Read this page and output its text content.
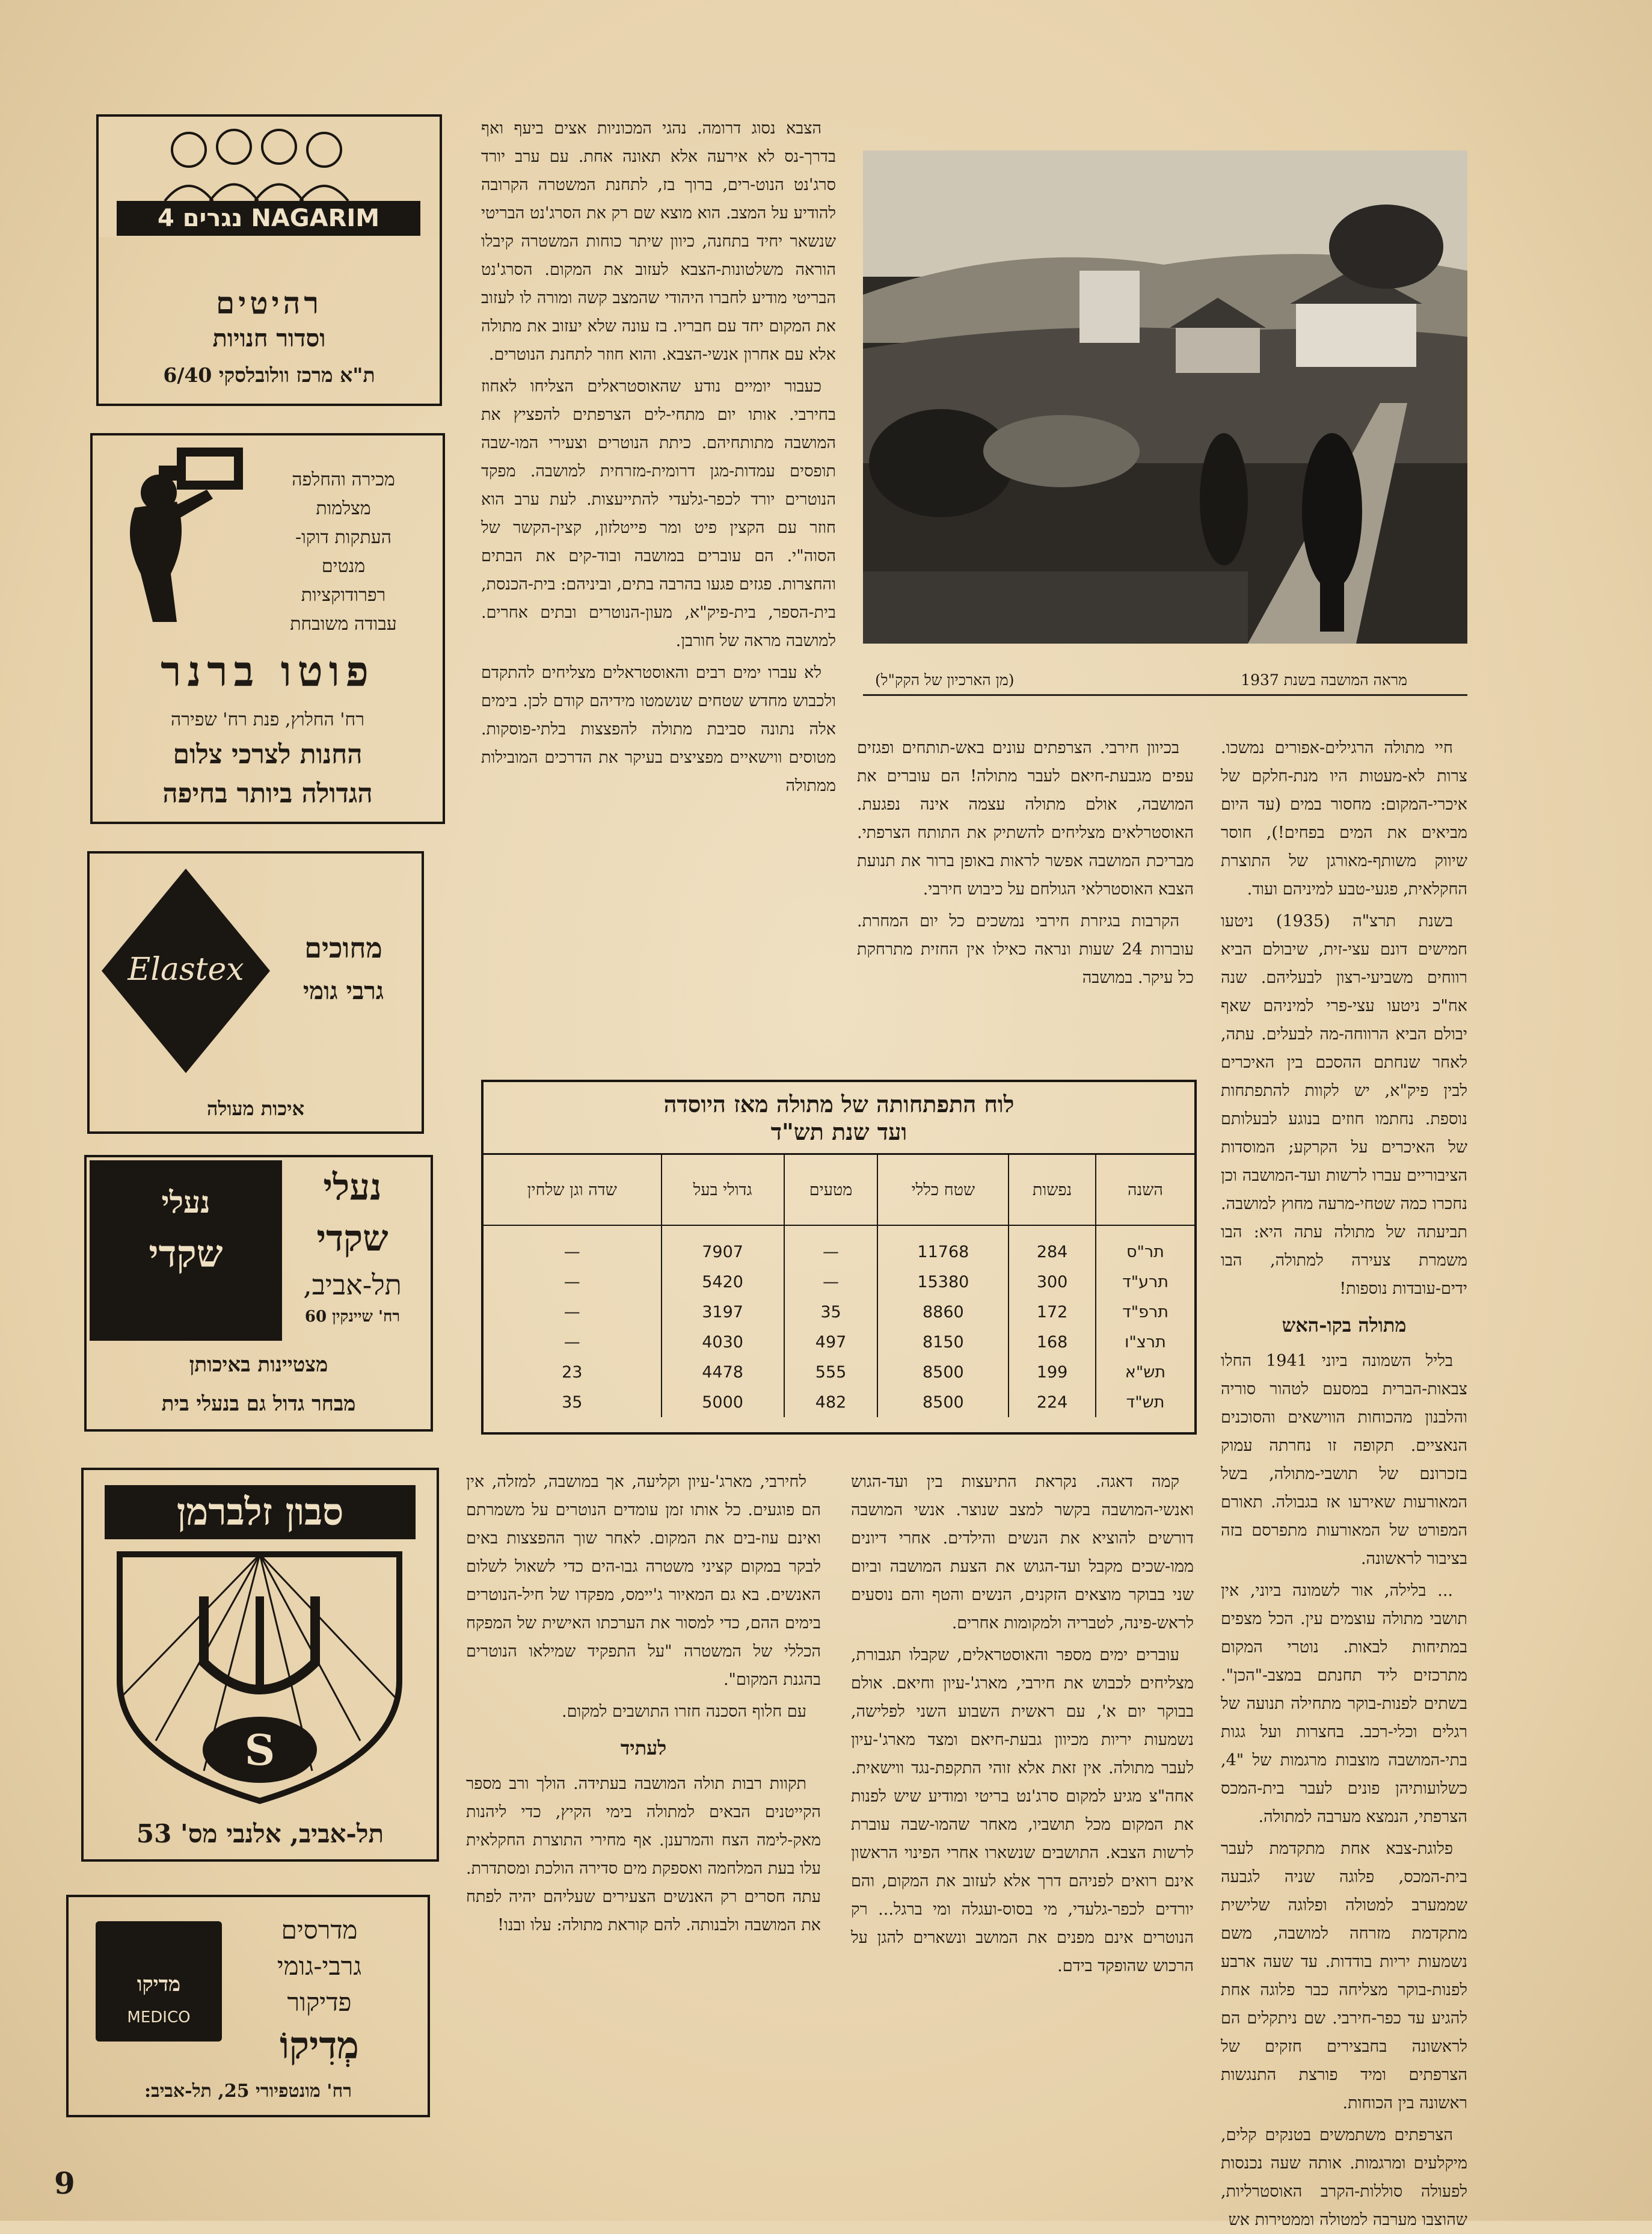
4 נגרים NAGARIM
רהיטים
וסדור חנויות
ת"א מרכז וולובלסקי 6/40
מכירה והחלפה
מצלמות
העתקות דוקו-
מנטים
רפרודוקציות
עבודה משובחת
פוטו ברנר
רח' החלוץ, פנת רח' שפירה
החנות לצרכי צלום
הגדולה ביותר בחיפה
Elastex
מחוכים
גרבי גומי
איכות מעולה
נעלי
שקדי
נעלי
שקדי
תל-אביב,
רח' שיינקין 60
מצטיינות באיכותן
מבחר גדול גם בנעלי בית
סבון זלברמן
S
תל-אביב, אלנבי מס' 53
מדיקו
MEDICO
מדרסים
גרבי-גומי
פדיקור
מְדִיקוֹ
רח' מונטפיורי 25, תל-אביב:
9
מראה המושבה בשנת 1937
(מן הארכיון של הקק"ל)

חיי מתולה הרגילים-אפורים נמשכו. צרות לא-מעטות היו מנת-חלקם של איכרי-המקום: מחסור במים (עד היום מביאים את המים בפחים!), חוסר שיווק משותף-מאורגן של התוצרת החקלאית, פגעי-טבע למיניהם ועוד.

בשנת תרצ"ה (1935) ניטעו חמישים דונם עצי-זית, שיבולם הביא רווחים משביעי-רצון לבעליהם. שנה אח"כ ניטעו עצי-פרי למיניהם שאף יבולם הביא הרווחה-מה לבעלים. עתה, לאחר שנחתם ההסכם בין האיכרים לבין פיק"א, יש לקוות להתפתחות נוספת. נחתמו חוזים בנוגע לבעלותם של האיכרים על הקרקע; המוסדות הציבוריים עברו לרשות ועד-המושבה וכן נחכרו כמה שטחי-מרעה מחוץ למושבה. תביעתה של מתולה עתה היא: הבו משמרת צעירה למתולה, הבו ידים-עובדות נוספות!

מתולה בקו-האש

בליל השמונה ביוני 1941 החלו צבאות-הברית במסעם לטהור סוריה והלבנון מהכוחות הווישאים והסוכנים הנאציים. תקופה זו נחרתה עמוק בזכרונם של תושבי-מתולה, בשל המאורעות שאירעו אז בגבולה. תאורם המפורט של המאורעות מתפרסם בזה בציבור לראשונה.

... בלילה, אור לשמונה ביוני, אין תושבי מתולה עוצמים עין. הכל מצפים במתיחות לבאות. נוטרי המקום מתרכזים ליד תחנתם במצב-"הכן". בשתים לפנות-בוקר מתחילה תנועה של רגלים וכלי-רכב. בחצרות ועל גגות בתי-המושבה מוצבות מרגמות של "4, כשלועותיהן פונים לעבר בית-המכס הצרפתי, הנמצא מערבה למתולה.

פלוגת-צבא אחת מתקדמת לעבר בית-המכס, פלוגה שניה לגבעה שממערב למטולה ופלוגה שלישית מתקדמת מזרחה למושבה, משם נשמעות יריות בודדות. עד שעה ארבע לפנות-בוקר מצליחה כבר פלוגה אחת להגיע עד כפר-חירבי. שם ניתקלים הם לראשונה בחבצירים חזקים של הצרפתים ומיד פורצת התנגשות ראשונה בין הכוחות.

הצרפתים משתמשים בטנקים קלים, מיקלעים ומרגמות. אותה שעה נכנסות לפעולה סוללות-הקרב האוסטרליות, שהוצבו מערבה למטולה וממטירות אש

בכיוון חירבי. הצרפתים עונים באש-תותחים ופגזים עפים מגבעת-חיאם לעבר מתולה! הם עוברים את המושבה, אולם מתולה עצמה אינה נפגעת. האוסטרלאים מצליחים להשתיק את התותח הצרפתי. מבריכת המושבה אפשר לראות באופן ברור את תנועת הצבא האוסטרלאי הגולחם על כיבוש חירבי.

הקרבות בגיזרת חירבי נמשכים כל יום המחרת. עוברות 24 שעות ונראה כאילו אין החזית מתרחקת כל עיקר. במושבה

הצבא נסוג דרומה. נהגי המכוניות אצים ביעף ואף בדרך-נס לא אירעה אלא תאונה אחת. עם ערב יורד סרג'נט הנוט-רים, ברוך בז, לתחנת המשטרה הקרובה להודיע על המצב. הוא מוצא שם רק את הסרג'נט הבריטי שנשאר יחיד בתחנה, כיוון שיתר כוחות המשטרה קיבלו הוראה משלטונות-הצבא לעזוב את המקום. הסרג'נט הבריטי מודיע לחברו היהודי שהמצב קשה ומורה לו לעזוב את המקום יחד עם חבריו. בז עונה שלא יעזוב את מתולה אלא עם אחרון אנשי-הצבא. והוא חוזר לתחנת הנוטרים.

כעבור יומיים נודע שהאוסטראלים הצליחו לאחוז בחירבי. אותו יום מתחי-לים הצרפתים להפציץ את המושבה מתותחיהם. כיתת הנוטרים וצעירי המו-שבה תופסים עמדות-מגן דרומית-מזרחית למושבה. מפקד הנוטרים יורד לכפר-גלעדי להתייעצות. לעת ערב הוא חוזר עם הקצין פיט ומר פייטלזון, קצין-הקשר של הסוה"י. הם עוברים במושבה ובוד-קים את הבתים והחצרות. פגזים פגעו בהרבה בתים, וביניהם: בית-הכנסת, בית-הספר, בית-פיק"א, מעון-הנוטרים ובתים אחרים. למושבה מראה של חורבן.

לא עברו ימים רבים והאוסטראלים מצליחים להתקדם ולכבוש מחדש שטחים שנשמטו מידיהם קודם לכן. בימים אלה נתונה סביבת מתולה להפצצות בלתי-פוסקות. מטוסים ווישאיים מפציצים בעיקר את הדרכים המובילות ממתולה

לוח התפתחותה של מתולה מאז היוסדה
ועד שנת תש"ד
השנה	נפשות	שטח כללי	מטעים	גדולי בעל	שדה וגן שלחין
תר"ס	284	11768	—	7907	—
תרע"ד	300	15380	—	5420	—
תרפ"ד	172	8860	35	3197	—
תרצ"ו	168	8150	497	4030	—
תש"א	199	8500	555	4478	23
תש"ד	224	8500	482	5000	35

קמה דאגה. נקראת התיעצות בין ועד-הגוש ואנשי-המושבה בקשר למצב שנוצר. אנשי המושבה דורשים להוציא את הנשים והילדים. אחרי דיונים ממו-שכים מקבל ועד-הגוש את הצעת המושבה וביום שני בבוקר מוצאים הזקנים, הנשים והטף והם נוסעים לראש-פינה, לטבריה ולמקומות אחרים.

עוברים ימים מספר והאוסטראלים, שקבלו תגבורת, מצליחים לכבוש את חירבי, מארג'-עיון וחיאם. אולם בבוקר יום א', עם ראשית השבוע השני לפלישה, נשמעות יריות מכיוון גבעת-חיאם ומצד מארג'-עיון לעבר מתולה. אין זאת אלא זוהי התקפת-נגד ווישאית. אחה"צ מגיע למקום סרג'נט בריטי ומודיע שיש לפנות את המקום מכל תושביו, מאחר שהמו-שבה עוברת לרשות הצבא. התושבים שנשארו אחרי הפינוי הראשון אינם רואים לפניהם דרך אלא לעזוב את המקום, והם יורדים לכפר-גלעדי, מי בסוס-ועגלה ומי ברגל... רק הנוטרים אינם מפנים את המושב ונשארים להגן על הרכוש שהופקד בידם.

לחירבי, מארג'-עיון וקליעה, אך במושבה, למזלה, אין הם פוגעים. כל אותו זמן עומדים הנוטרים על משמרתם ואינם עוז-בים את המקום. לאחר שוך ההפצצות באים לבקר במקום קציני משטרה גבו-הים כדי לשאול לשלום האנשים. בא גם המאיור ג'יימס, מפקדו של חיל-הנוטרים בימים ההם, כדי למסור את הערכתו האישית של המפקח הכללי של המשטרה "על התפקיד שמילאו הנוטרים בהגנת המקום".

עם חלוף הסכנה חזרו התושבים למקום.

לעתיד

תקוות רבות תולה המושבה בעתידה. הולך ורב מספר הקייטנים הבאים למתולה בימי הקיץ, כדי ליהנות מאק-לימה הצח והמרענן. אף מחירי התוצרת החקלאית עלו בעת המלחמה ואספקת מים סדירה הולכת ומסתדרת. עתה חסרים רק האנשים הצעירים שעליהם יהיה לפתח את המושבה ולבנותה. להם קוראת מתולה: עלו ובנו!
